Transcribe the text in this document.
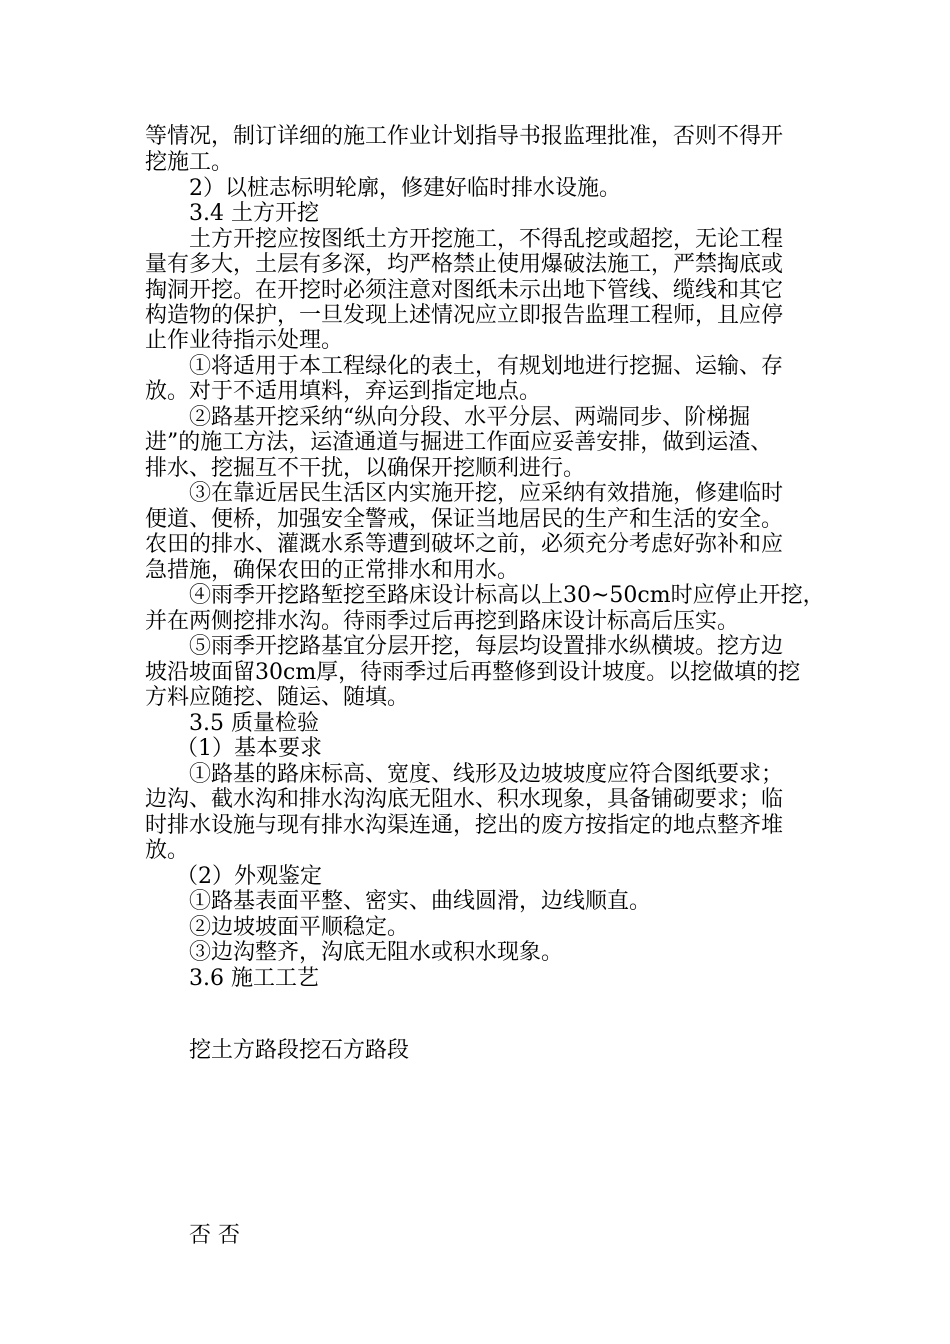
等情况，制订详细的施工作业计划指导书报监理批准，否则不得开
挖施工。
2）以桩志标明轮廓，修建好临时排水设施。
3.4 土方开挖
土方开挖应按图纸土方开挖施工，不得乱挖或超挖，无论工程
量有多大，土层有多深，均严格禁止使用爆破法施工，严禁掏底或
掏洞开挖。在开挖时必须注意对图纸未示出地下管线、缆线和其它
构造物的保护，一旦发现上述情况应立即报告监理工程师，且应停
止作业待指示处理。
①将适用于本工程绿化的表土，有规划地进行挖掘、运输、存
放。对于不适用填料，弃运到指定地点。
②路基开挖采纳“纵向分段、水平分层、两端同步、阶梯掘
进”的施工方法，运渣通道与掘进工作面应妥善安排，做到运渣、
排水、挖掘互不干扰，以确保开挖顺利进行。
③在靠近居民生活区内实施开挖，应采纳有效措施，修建临时
便道、便桥，加强安全警戒，保证当地居民的生产和生活的安全。
农田的排水、灌溉水系等遭到破坏之前，必须充分考虑好弥补和应
急措施，确保农田的正常排水和用水。
④雨季开挖路堑挖至路床设计标高以上30~50cm时应停止开挖，
并在两侧挖排水沟。待雨季过后再挖到路床设计标高后压实。
⑤雨季开挖路基宜分层开挖，每层均设置排水纵横坡。挖方边
坡沿坡面留30cm厚，待雨季过后再整修到设计坡度。以挖做填的挖
方料应随挖、随运、随填。
3.5 质量检验
（1）基本要求
①路基的路床标高、宽度、线形及边坡坡度应符合图纸要求；
边沟、截水沟和排水沟沟底无阻水、积水现象，具备铺砌要求；临
时排水设施与现有排水沟渠连通，挖出的废方按指定的地点整齐堆
放。
（2）外观鉴定
①路基表面平整、密实、曲线圆滑，边线顺直。
②边坡坡面平顺稳定。
③边沟整齐，沟底无阻水或积水现象。
3.6 施工工艺
挖土方路段挖石方路段
否 否
